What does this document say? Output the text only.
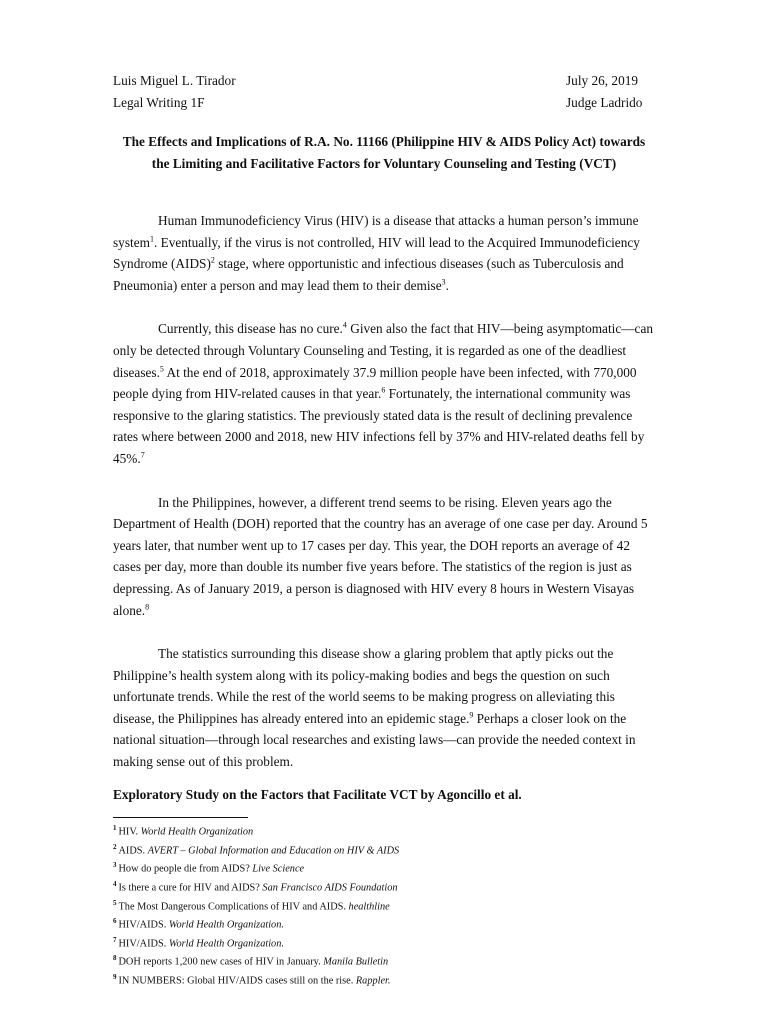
Luis Miguel L. Tirador	July 26, 2019
Legal Writing 1F	Judge Ladrido
The Effects and Implications of R.A. No. 11166 (Philippine HIV & AIDS Policy Act) towards the Limiting and Facilitative Factors for Voluntary Counseling and Testing (VCT)

Human Immunodeficiency Virus (HIV) is a disease that attacks a human person’s immune system$^1$. Eventually, if the virus is not controlled, HIV will lead to the Acquired Immunodeficiency Syndrome (AIDS)$^2$ stage, where opportunistic and infectious diseases (such as Tuberculosis and Pneumonia) enter a person and may lead them to their demise$^3$.

Currently, this disease has no cure.$^4$ Given also the fact that HIV—being asymptomatic—can only be detected through Voluntary Counseling and Testing, it is regarded as one of the deadliest diseases.$^5$ At the end of 2018, approximately 37.9 million people have been infected, with 770,000 people dying from HIV-related causes in that year.$^6$ Fortunately, the international community was responsive to the glaring statistics. The previously stated data is the result of declining prevalence rates where between 2000 and 2018, new HIV infections fell by 37% and HIV-related deaths fell by 45%.$^7$

In the Philippines, however, a different trend seems to be rising. Eleven years ago the Department of Health (DOH) reported that the country has an average of one case per day. Around 5 years later, that number went up to 17 cases per day. This year, the DOH reports an average of 42 cases per day, more than double its number five years before. The statistics of the region is just as depressing. As of January 2019, a person is diagnosed with HIV every 8 hours in Western Visayas alone.$^8$

The statistics surrounding this disease show a glaring problem that aptly picks out the Philippine’s health system along with its policy-making bodies and begs the question on such unfortunate trends. While the rest of the world seems to be making progress on alleviating this disease, the Philippines has already entered into an epidemic stage.$^9$ Perhaps a closer look on the national situation—through local researches and existing laws—can provide the needed context in making sense out of this problem.

Exploratory Study on the Factors that Facilitate VCT by Agoncillo et al.
$^1$ HIV. World Health Organization
$^2$ AIDS. AVERT – Global Information and Education on HIV & AIDS
$^3$ How do people die from AIDS? Live Science
$^4$ Is there a cure for HIV and AIDS? San Francisco AIDS Foundation
$^5$ The Most Dangerous Complications of HIV and AIDS. healthline
$^6$ HIV/AIDS. World Health Organization.
$^7$ HIV/AIDS. World Health Organization.
$^8$ DOH reports 1,200 new cases of HIV in January. Manila Bulletin
$^9$ IN NUMBERS: Global HIV/AIDS cases still on the rise. Rappler.
